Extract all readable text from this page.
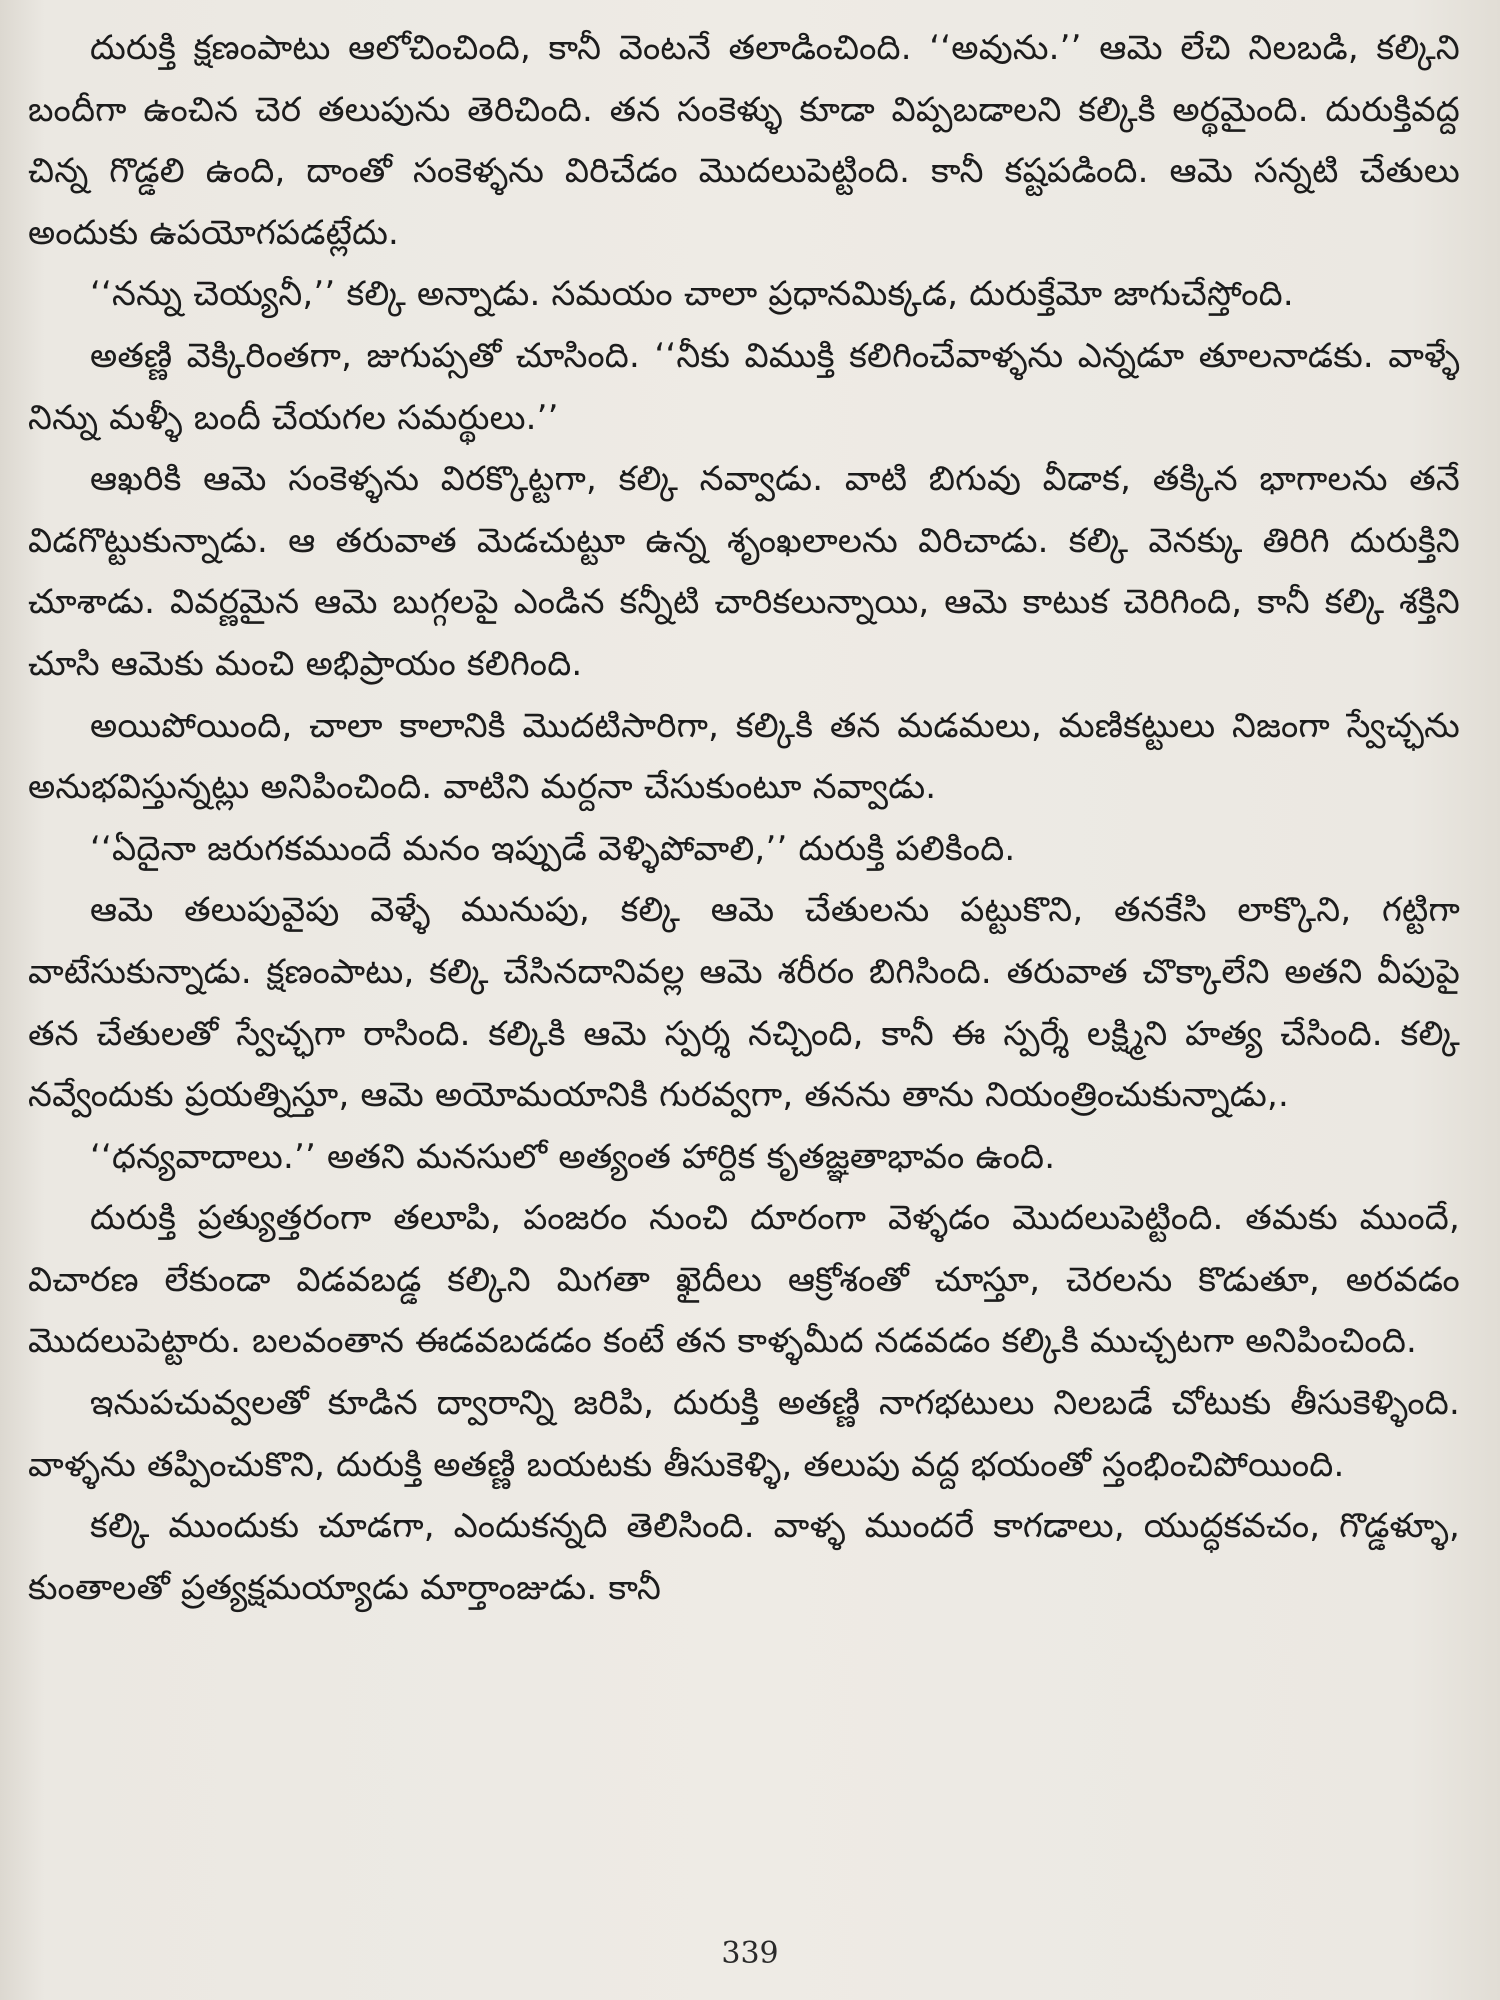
దురుక్తి క్షణంపాటు ఆలోచించింది, కానీ వెంటనే తలాడించింది. ‘‘అవును.’’ ఆమె లేచి నిలబడి, కల్కిని బందీగా ఉంచిన చెర తలుపును తెరిచింది. తన సంకెళ్ళు కూడా విప్పబడాలని కల్కికి అర్థమైంది. దురుక్తివద్ద చిన్న గొడ్డలి ఉంది, దాంతో సంకెళ్ళను విరిచేడం మొదలుపెట్టింది. కానీ కష్టపడింది. ఆమె సన్నటి చేతులు అందుకు ఉపయోగపడట్లేదు.

‘‘నన్ను చెయ్యనీ,’’ కల్కి అన్నాడు. సమయం చాలా ప్రధానమిక్కడ, దురుక్తేమో జాగుచేస్తోంది.

అతణ్ణి వెక్కిరింతగా, జుగుప్సతో చూసింది. ‘‘నీకు విముక్తి కలిగించేవాళ్ళను ఎన్నడూ తూలనాడకు. వాళ్ళే నిన్ను మళ్ళీ బందీ చేయగల సమర్థులు.’’

ఆఖరికి ఆమె సంకెళ్ళను విరక్కొట్టగా, కల్కి నవ్వాడు. వాటి బిగువు వీడాక, తక్కిన భాగాలను తనే విడగొట్టుకున్నాడు. ఆ తరువాత మెడచుట్టూ ఉన్న శృంఖలాలను విరిచాడు. కల్కి వెనక్కు తిరిగి దురుక్తిని చూశాడు. వివర్ణమైన ఆమె బుగ్గలపై ఎండిన కన్నీటి చారికలున్నాయి, ఆమె కాటుక చెరిగింది, కానీ కల్కి శక్తిని చూసి ఆమెకు మంచి అభిప్రాయం కలిగింది.

అయిపోయింది, చాలా కాలానికి మొదటిసారిగా, కల్కికి తన మడమలు, మణికట్టులు నిజంగా స్వేచ్ఛను అనుభవిస్తున్నట్లు అనిపించింది. వాటిని మర్దనా చేసుకుంటూ నవ్వాడు.

‘‘ఏదైనా జరుగకముందే మనం ఇప్పుడే వెళ్ళిపోవాలి,’’ దురుక్తి పలికింది.

ఆమె తలుపువైపు వెళ్ళే మునుపు, కల్కి ఆమె చేతులను పట్టుకొని, తనకేసి లాక్కొని, గట్టిగా వాటేసుకున్నాడు. క్షణంపాటు, కల్కి చేసినదానివల్ల ఆమె శరీరం బిగిసింది. తరువాత చొక్కాలేని అతని వీపుపై తన చేతులతో స్వేచ్ఛగా రాసింది. కల్కికి ఆమె స్పర్శ నచ్చింది, కానీ ఈ స్పర్శే లక్ష్మిని హత్య చేసింది. కల్కి నవ్వేందుకు ప్రయత్నిస్తూ, ఆమె అయోమయానికి గురవ్వగా, తనను తాను నియంత్రించుకున్నాడు,.

‘‘ధన్యవాదాలు.’’ అతని మనసులో అత్యంత హార్దిక కృతజ్ఞతాభావం ఉంది.

దురుక్తి ప్రత్యుత్తరంగా తలూపి, పంజరం నుంచి దూరంగా వెళ్ళడం మొదలుపెట్టింది. తమకు ముందే, విచారణ లేకుండా విడవబడ్డ కల్కిని మిగతా ఖైదీలు ఆక్రోశంతో చూస్తూ, చెరలను కొడుతూ, అరవడం మొదలుపెట్టారు. బలవంతాన ఈడవబడడం కంటే తన కాళ్ళమీద నడవడం కల్కికి ముచ్చటగా అనిపించింది.

ఇనుపచువ్వలతో కూడిన ద్వారాన్ని జరిపి, దురుక్తి అతణ్ణి నాగభటులు నిలబడే చోటుకు తీసుకెళ్ళింది. వాళ్ళను తప్పించుకొని, దురుక్తి అతణ్ణి బయటకు తీసుకెళ్ళి, తలుపు వద్ద భయంతో స్తంభించిపోయింది.

కల్కి ముందుకు చూడగా, ఎందుకన్నది తెలిసింది. వాళ్ళ ముందరే కాగడాలు, యుద్ధకవచం, గొడ్డళ్ళూ, కుంతాలతో ప్రత్యక్షమయ్యాడు మార్తాంజుడు. కానీ

339
